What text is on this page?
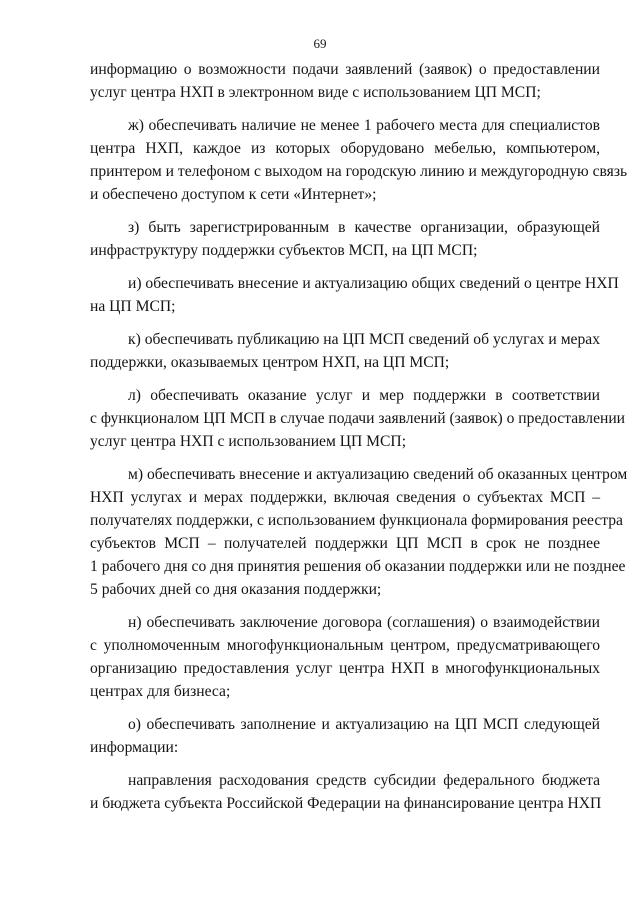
69
информацию о возможности подачи заявлений (заявок) о предоставлении
услуг центра НХП в электронном виде с использованием ЦП МСП;
ж) обеспечивать наличие не менее 1 рабочего места для специалистов
центра НХП, каждое из которых оборудовано мебелью, компьютером,
принтером и телефоном с выходом на городскую линию и междугородную связь
и обеспечено доступом к сети «Интернет»;
з) быть зарегистрированным в качестве организации, образующей
инфраструктуру поддержки субъектов МСП, на ЦП МСП;
и) обеспечивать внесение и актуализацию общих сведений о центре НХП
на ЦП МСП;
к) обеспечивать публикацию на ЦП МСП сведений об услугах и мерах
поддержки, оказываемых центром НХП, на ЦП МСП;
л) обеспечивать оказание услуг и мер поддержки в соответствии
с функционалом ЦП МСП в случае подачи заявлений (заявок) о предоставлении
услуг центра НХП с использованием ЦП МСП;
м) обеспечивать внесение и актуализацию сведений об оказанных центром
НХП услугах и мерах поддержки, включая сведения о субъектах МСП –
получателях поддержки, с использованием функционала формирования реестра
субъектов МСП – получателей поддержки ЦП МСП в срок не позднее
1 рабочего дня со дня принятия решения об оказании поддержки или не позднее
5 рабочих дней со дня оказания поддержки;
н) обеспечивать заключение договора (соглашения) о взаимодействии
с уполномоченным многофункциональным центром, предусматривающего
организацию предоставления услуг центра НХП в многофункциональных
центрах для бизнеса;
о) обеспечивать заполнение и актуализацию на ЦП МСП следующей
информации:
направления расходования средств субсидии федерального бюджета
и бюджета субъекта Российской Федерации на финансирование центра НХП
